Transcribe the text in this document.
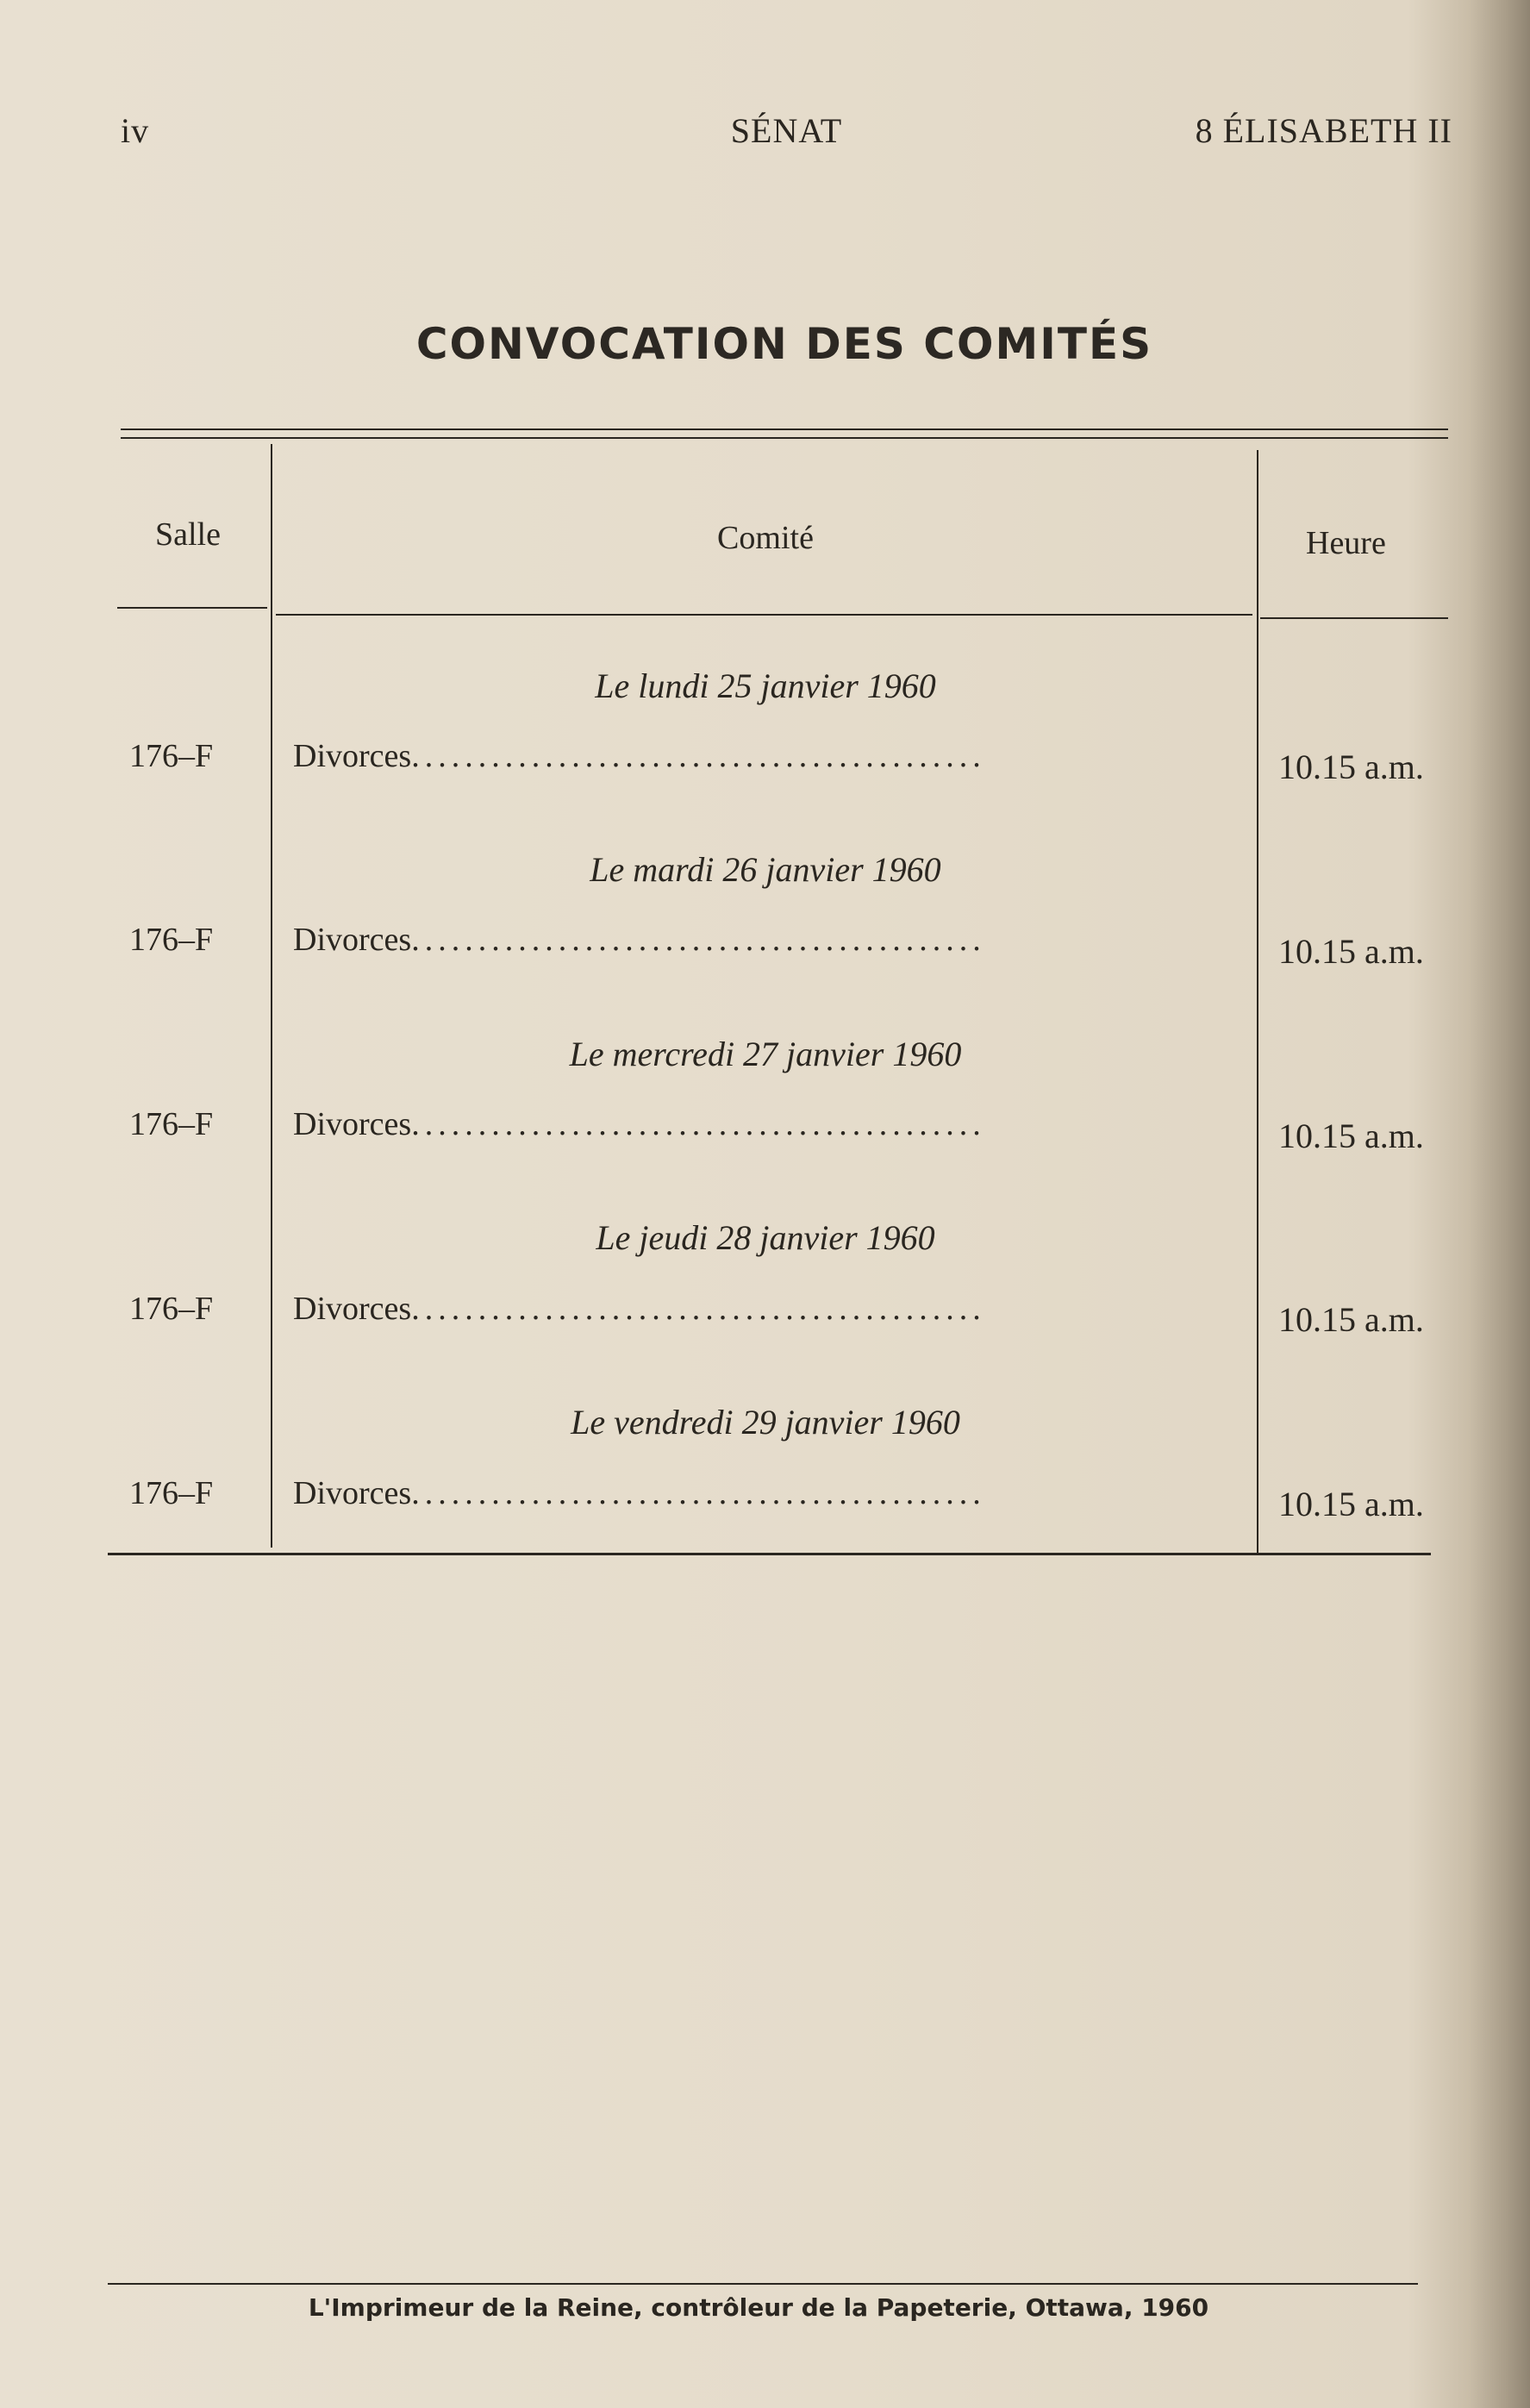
iv	SÉNAT	8 ÉLISABETH II
CONVOCATION DES COMITÉS
Salle	Comité	Heure
Le lundi 25 janvier 1960
176–F Divorces...........................................	10.15 a.m.
Le mardi 26 janvier 1960
176–F Divorces...........................................	10.15 a.m.
Le mercredi 27 janvier 1960
176–F Divorces...........................................	10.15 a.m.
Le jeudi 28 janvier 1960
176–F Divorces...........................................	10.15 a.m.
Le vendredi 29 janvier 1960
176–F Divorces...........................................	10.15 a.m.
L'Imprimeur de la Reine, contrôleur de la Papeterie, Ottawa, 1960
